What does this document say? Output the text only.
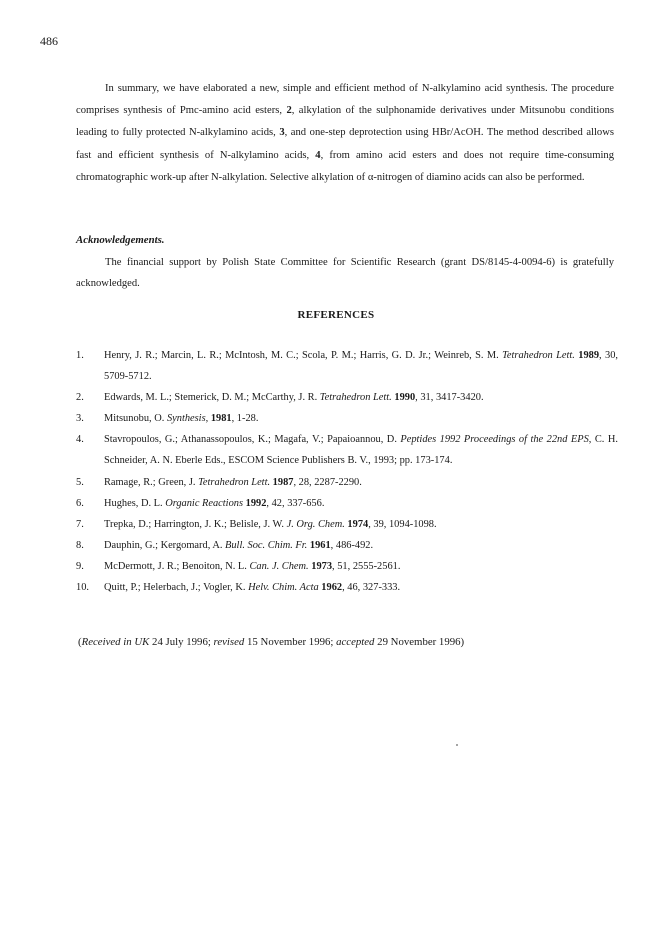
486

In summary, we have elaborated a new, simple and efficient method of N-alkylamino acid synthesis. The procedure comprises synthesis of Pmc-amino acid esters, 2, alkylation of the sulphonamide derivatives under Mitsunobu conditions leading to fully protected N-alkylamino acids, 3, and one-step deprotection using HBr/AcOH. The method described allows fast and efficient synthesis of N-alkylamino acids, 4, from amino acid esters and does not require time-consuming chromatographic work-up after N-alkylation. Selective alkylation of α-nitrogen of diamino acids can also be performed.

Acknowledgements.

The financial support by Polish State Committee for Scientific Research (grant DS/8145-4-0094-6) is gratefully acknowledged.

REFERENCES

1. Henry, J. R.; Marcin, L. R.; McIntosh, M. C.; Scola, P. M.; Harris, G. D. Jr.; Weinreb, S. M. Tetrahedron Lett. 1989, 30, 5709-5712.
2. Edwards, M. L.; Stemerick, D. M.; McCarthy, J. R. Tetrahedron Lett. 1990, 31, 3417-3420.
3. Mitsunobu, O. Synthesis, 1981, 1-28.
4. Stavropoulos, G.; Athanassopoulos, K.; Magafa, V.; Papaioannou, D. Peptides 1992 Proceedings of the 22nd EPS, C. H. Schneider, A. N. Eberle Eds., ESCOM Science Publishers B. V., 1993; pp. 173-174.
5. Ramage, R.; Green, J. Tetrahedron Lett. 1987, 28, 2287-2290.
6. Hughes, D. L. Organic Reactions 1992, 42, 337-656.
7. Trepka, D.; Harrington, J. K.; Belisle, J. W. J. Org. Chem. 1974, 39, 1094-1098.
8. Dauphin, G.; Kergomard, A. Bull. Soc. Chim. Fr. 1961, 486-492.
9. McDermott, J. R.; Benoiton, N. L. Can. J. Chem. 1973, 51, 2555-2561.
10. Quitt, P.; Helerbach, J.; Vogler, K. Helv. Chim. Acta 1962, 46, 327-333.

(Received in UK 24 July 1996; revised 15 November 1996; accepted 29 November 1996)
